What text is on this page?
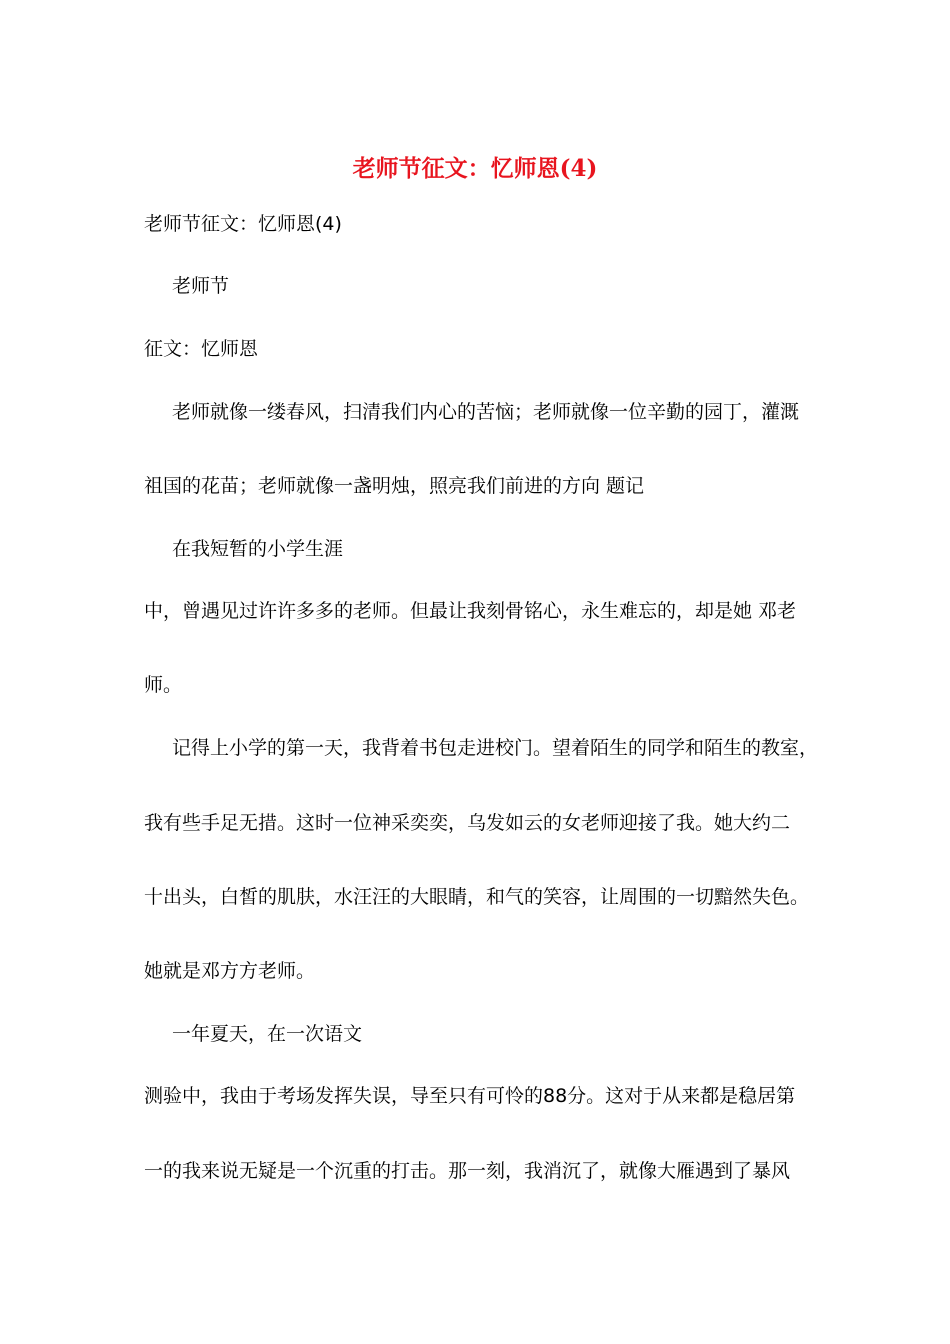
老师节征文：忆师恩(4)
老师节征文：忆师恩(4)
老师节
征文：忆师恩
老师就像一缕春风，扫清我们内心的苦恼；老师就像一位辛勤的园丁，灌溉
祖国的花苗；老师就像一盏明烛，照亮我们前进的方向 题记
在我短暂的小学生涯
中，曾遇见过许许多多的老师。但最让我刻骨铭心，永生难忘的，却是她 邓老
师。
记得上小学的第一天，我背着书包走进校门。望着陌生的同学和陌生的教室，
我有些手足无措。这时一位神采奕奕，乌发如云的女老师迎接了我。她大约二
十出头，白皙的肌肤，水汪汪的大眼睛，和气的笑容，让周围的一切黯然失色。
她就是邓方方老师。
一年夏天，在一次语文
测验中，我由于考场发挥失误，导至只有可怜的88分。这对于从来都是稳居第
一的我来说无疑是一个沉重的打击。那一刻，我消沉了，就像大雁遇到了暴风
